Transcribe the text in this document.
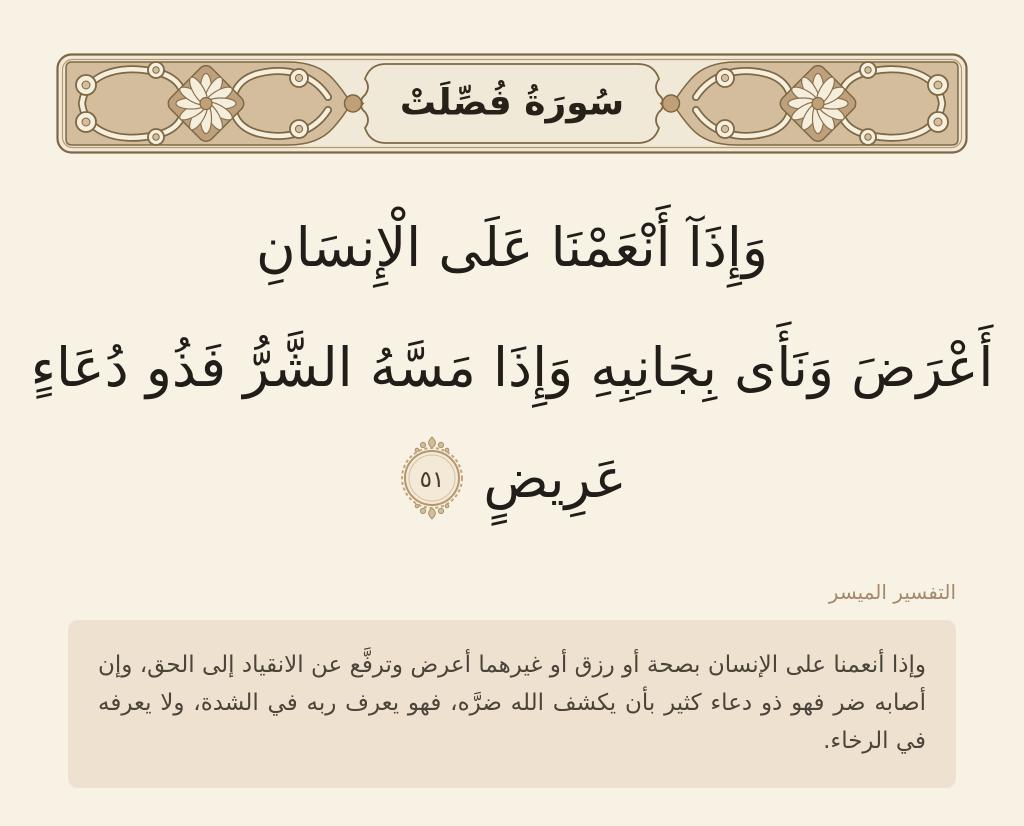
سُورَةُ فُصِّلَتْ
وَإِذَآ أَنْعَمْنَا عَلَى الْإِنسَانِ
أَعْرَضَ وَنَأَى بِجَانِبِهِ وَإِذَا مَسَّهُ الشَّرُّ فَذُو دُعَاءٍ
عَرِيضٍ
٥١
التفسير الميسر
وإذا أنعمنا على الإنسان بصحة أو رزق أو غيرهما أعرض وترفَّع عن الانقياد إلى الحق، وإن أصابه ضر فهو ذو دعاء كثير بأن يكشف الله ضرَّه، فهو يعرف ربه في الشدة، ولا يعرفه في الرخاء.
